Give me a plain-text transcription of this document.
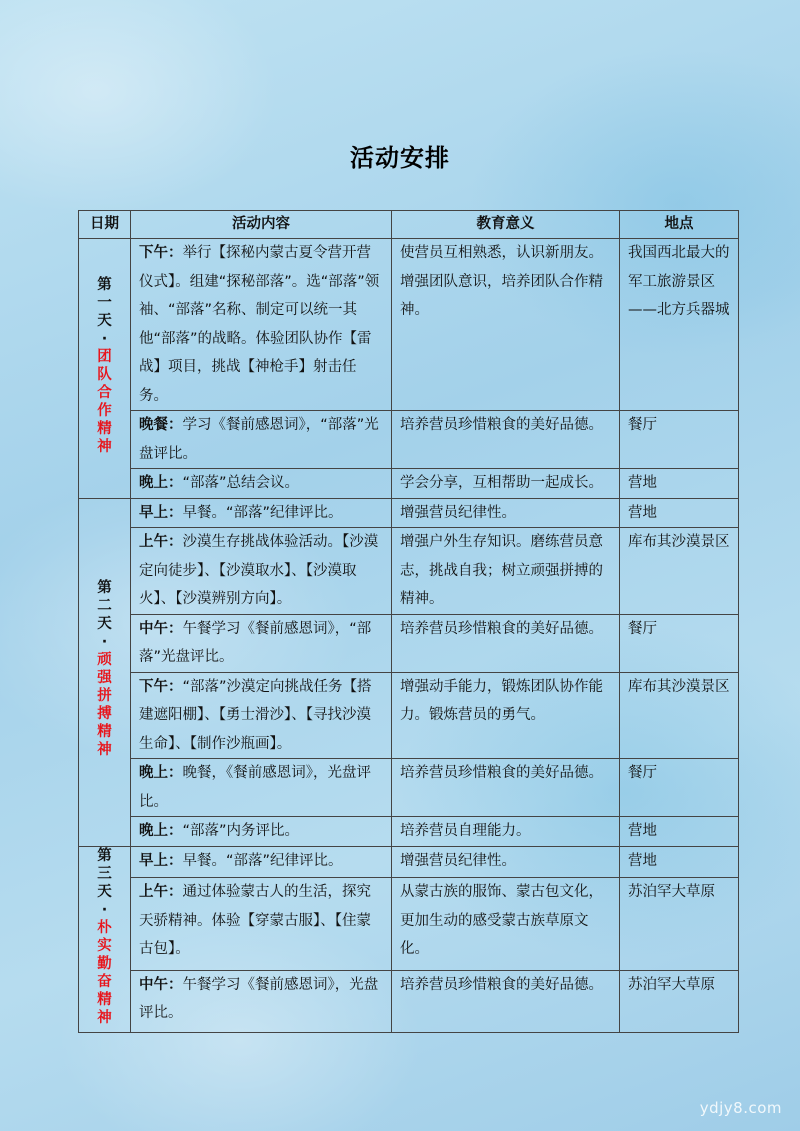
活动安排
日期	活动内容	教育意义	地点
第一天·团队合作精神	下午：举行【探秘内蒙古夏令营开营仪式】。组建“探秘部落”。选“部落”领袖、“部落”名称、制定可以统一其他“部落”的战略。体验团队协作【雷战】项目，挑战【神枪手】射击任务。	使营员互相熟悉，认识新朋友。增强团队意识，培养团队合作精神。	我国西北最大的军工旅游景区——北方兵器城
	晚餐：学习《餐前感恩词》，“部落”光盘评比。	培养营员珍惜粮食的美好品德。	餐厅
	晚上：“部落”总结会议。	学会分享，互相帮助一起成长。	营地
第二天·顽强拼搏精神	早上：早餐。“部落”纪律评比。	增强营员纪律性。	营地
	上午：沙漠生存挑战体验活动。【沙漠定向徒步】、【沙漠取水】、【沙漠取火】、【沙漠辨别方向】。	增强户外生存知识。磨练营员意志，挑战自我；树立顽强拼搏的精神。	库布其沙漠景区
	中午：午餐学习《餐前感恩词》，“部落”光盘评比。	培养营员珍惜粮食的美好品德。	餐厅
	下午：“部落”沙漠定向挑战任务【搭建遮阳棚】、【勇士滑沙】、【寻找沙漠生命】、【制作沙瓶画】。	增强动手能力，锻炼团队协作能力。锻炼营员的勇气。	库布其沙漠景区
	晚上：晚餐，《餐前感恩词》，光盘评比。	培养营员珍惜粮食的美好品德。	餐厅
	晚上：“部落”内务评比。	培养营员自理能力。	营地
第三天·朴实勤奋精神	早上：早餐。“部落”纪律评比。	增强营员纪律性。	营地
	上午：通过体验蒙古人的生活，探究天骄精神。体验【穿蒙古服】、【住蒙古包】。	从蒙古族的服饰、蒙古包文化，更加生动的感受蒙古族草原文化。	苏泊罕大草原
	中午：午餐学习《餐前感恩词》，光盘评比。	培养营员珍惜粮食的美好品德。	苏泊罕大草原
ydjy8.com
